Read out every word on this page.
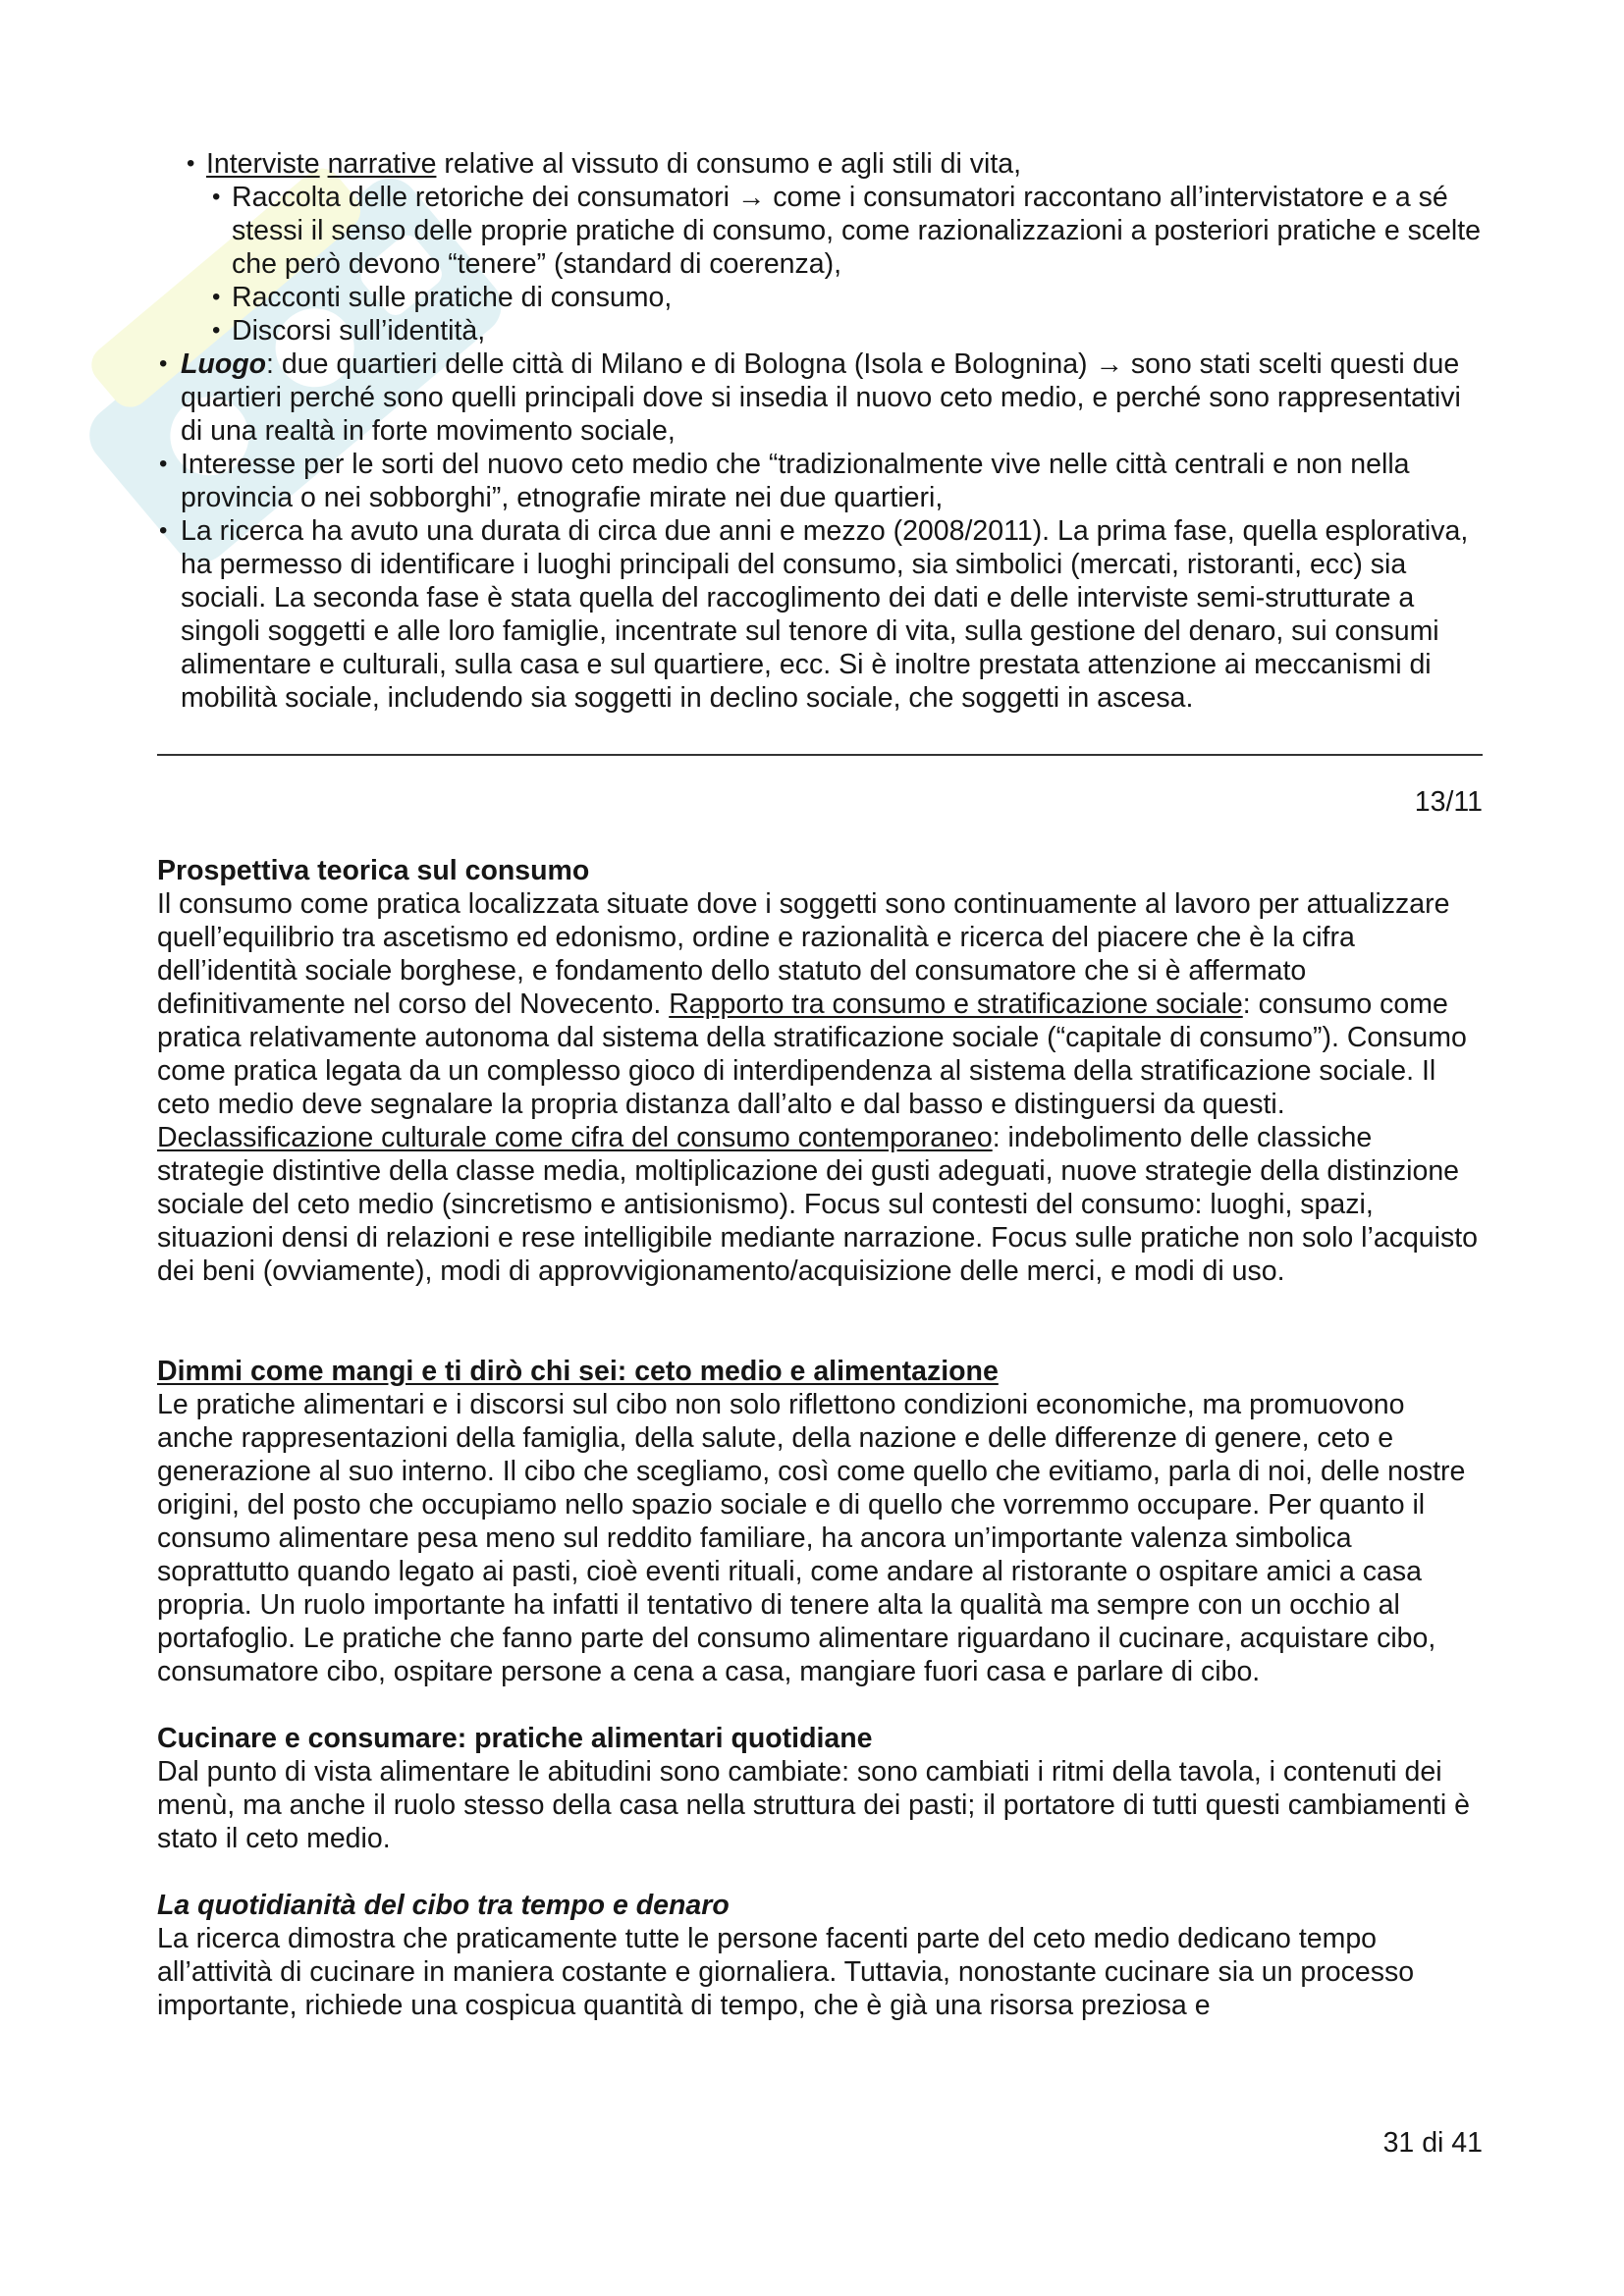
• Interviste narrative relative al vissuto di consumo e agli stili di vita,
• Raccolta delle retoriche dei consumatori → come i consumatori raccontano all’intervistatore e a sé stessi il senso delle proprie pratiche di consumo, come razionalizzazioni a posteriori pratiche e scelte che però devono “tenere” (standard di coerenza),
• Racconti sulle pratiche di consumo,
• Discorsi sull’identità,
• Luogo: due quartieri delle città di Milano e di Bologna (Isola e Bolognina) → sono stati scelti questi due quartieri perché sono quelli principali dove si insedia il nuovo ceto medio, e perché sono rappresentativi di una realtà in forte movimento sociale,
• Interesse per le sorti del nuovo ceto medio che “tradizionalmente vive nelle città centrali e non nella provincia o nei sobborghi”, etnografie mirate nei due quartieri,
• La ricerca ha avuto una durata di circa due anni e mezzo (2008/2011). La prima fase, quella esplorativa, ha permesso di identificare i luoghi principali del consumo, sia simbolici (mercati, ristoranti, ecc) sia sociali. La seconda fase è stata quella del raccoglimento dei dati e delle interviste semi-strutturate a singoli soggetti e alle loro famiglie, incentrate sul tenore di vita, sulla gestione del denaro, sui consumi alimentare e culturali, sulla casa e sul quartiere, ecc. Si è inoltre prestata attenzione ai meccanismi di mobilità sociale, includendo sia soggetti in declino sociale, che soggetti in ascesa.
13/11

Prospettiva teorica sul consumo

Il consumo come pratica localizzata situate dove i soggetti sono continuamente al lavoro per attualizzare quell’equilibrio tra ascetismo ed edonismo, ordine e razionalità e ricerca del piacere che è la cifra dell’identità sociale borghese, e fondamento dello statuto del consumatore che si è affermato definitivamente nel corso del Novecento. Rapporto tra consumo e stratificazione sociale: consumo come pratica relativamente autonoma dal sistema della stratificazione sociale (“capitale di consumo”). Consumo come pratica legata da un complesso gioco di interdipendenza al sistema della stratificazione sociale. Il ceto medio deve segnalare la propria distanza dall’alto e dal basso e distinguersi da questi. Declassificazione culturale come cifra del consumo contemporaneo: indebolimento delle classiche strategie distintive della classe media, moltiplicazione dei gusti adeguati, nuove strategie della distinzione sociale del ceto medio (sincretismo e antisionismo). Focus sul contesti del consumo: luoghi, spazi, situazioni densi di relazioni e rese intelligibile mediante narrazione. Focus sulle pratiche non solo l’acquisto dei beni (ovviamente), modi di approvvigionamento/acquisizione delle merci, e modi di uso.

Dimmi come mangi e ti dirò chi sei: ceto medio e alimentazione

Le pratiche alimentari e i discorsi sul cibo non solo riflettono condizioni economiche, ma promuovono anche rappresentazioni della famiglia, della salute, della nazione e delle differenze di genere, ceto e generazione al suo interno. Il cibo che scegliamo, così come quello che evitiamo, parla di noi, delle nostre origini, del posto che occupiamo nello spazio sociale e di quello che vorremmo occupare. Per quanto il consumo alimentare pesa meno sul reddito familiare, ha ancora un’importante valenza simbolica soprattutto quando legato ai pasti, cioè eventi rituali, come andare al ristorante o ospitare amici a casa propria. Un ruolo importante ha infatti il tentativo di tenere alta la qualità ma sempre con un occhio al portafoglio. Le pratiche che fanno parte del consumo alimentare riguardano il cucinare, acquistare cibo, consumatore cibo, ospitare persone a cena a casa, mangiare fuori casa e parlare di cibo.

Cucinare e consumare: pratiche alimentari quotidiane

Dal punto di vista alimentare le abitudini sono cambiate: sono cambiati i ritmi della tavola, i contenuti dei menù, ma anche il ruolo stesso della casa nella struttura dei pasti; il portatore di tutti questi cambiamenti è stato il ceto medio.

La quotidianità del cibo tra tempo e denaro

La ricerca dimostra che praticamente tutte le persone facenti parte del ceto medio dedicano tempo all’attività di cucinare in maniera costante e giornaliera. Tuttavia, nonostante cucinare sia un processo importante, richiede una cospicua quantità di tempo, che è già una risorsa preziosa e

31 di 41
